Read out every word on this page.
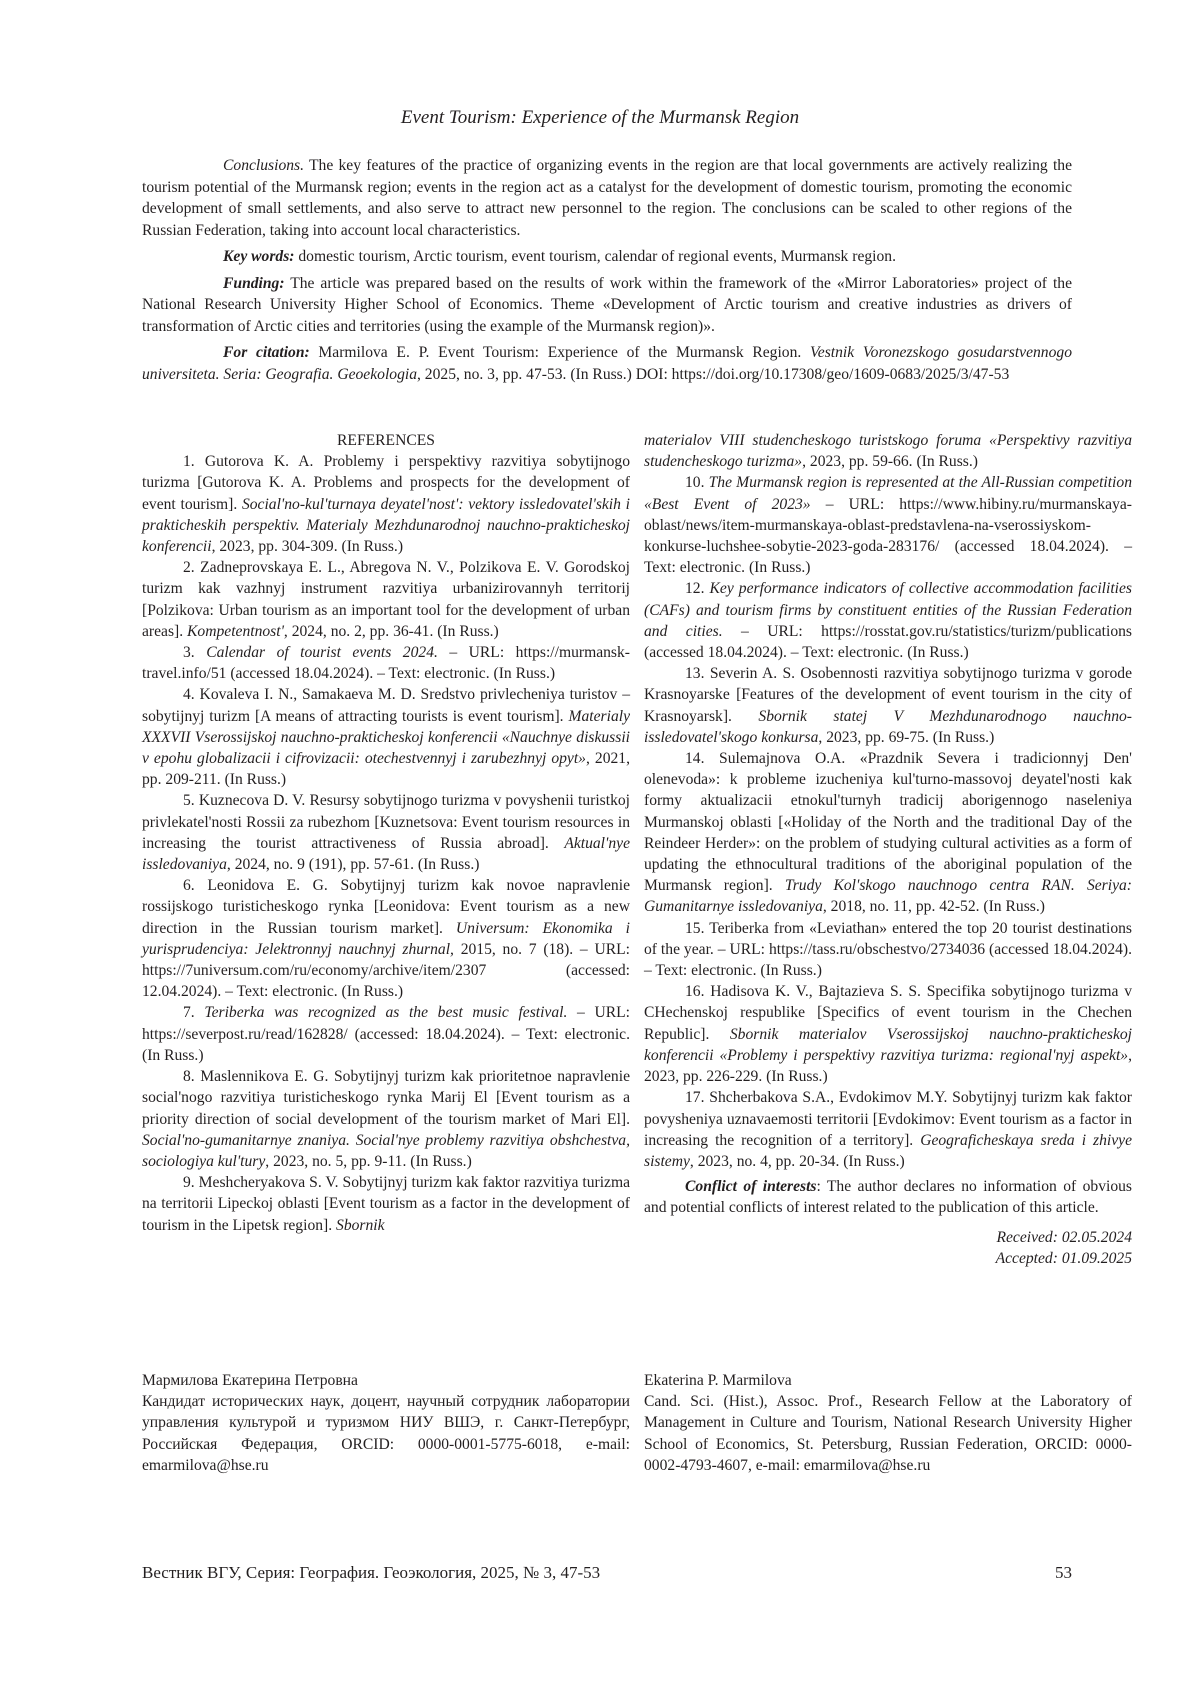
Event Tourism: Experience of the Murmansk Region

Conclusions. The key features of the practice of organizing events in the region are that local governments are actively realizing the tourism potential of the Murmansk region; events in the region act as a catalyst for the development of domestic tourism, promoting the economic development of small settlements, and also serve to attract new personnel to the region. The conclusions can be scaled to other regions of the Russian Federation, taking into account local characteristics.

Key words: domestic tourism, Arctic tourism, event tourism, calendar of regional events, Murmansk region.

Funding: The article was prepared based on the results of work within the framework of the «Mirror Laboratories» project of the National Research University Higher School of Economics. Theme «Development of Arctic tourism and creative industries as drivers of transformation of Arctic cities and territories (using the example of the Murmansk region)».

For citation: Marmilova E. P. Event Tourism: Experience of the Murmansk Region. Vestnik Voronezskogo gosudarstvennogo universiteta. Seria: Geografia. Geoekologia, 2025, no. 3, pp. 47-53. (In Russ.) DOI: https://doi.org/10.17308/geo/1609-0683/2025/3/47-53

REFERENCES

1. Gutorova K. A. Problemy i perspektivy razvitiya sobytijnogo turizma [Gutorova K. A. Problems and prospects for the development of event tourism]. Social'no-kul'turnaya deyatel'nost': vektory issledovatel'skih i prakticheskih perspektiv. Materialy Mezhdunarodnoj nauchno-prakticheskoj konferencii, 2023, pp. 304-309. (In Russ.)

2. Zadneprovskaya E. L., Abregova N. V., Polzikova E. V. Gorodskoj turizm kak vazhnyj instrument razvitiya urbanizirovannyh territorij [Polzikova: Urban tourism as an important tool for the development of urban areas]. Kompetentnost', 2024, no. 2, pp. 36-41. (In Russ.)

3. Calendar of tourist events 2024. – URL: https://murmansk-travel.info/51 (accessed 18.04.2024). – Text: electronic. (In Russ.)

4. Kovaleva I. N., Samakaeva M. D. Sredstvo privlecheniya turistov – sobytijnyj turizm [A means of attracting tourists is event tourism]. Materialy XXXVII Vserossijskoj nauchno-prakticheskoj konferencii «Nauchnye diskussii v epohu globalizacii i cifrovizacii: otechestvennyj i zarubezhnyj opyt», 2021, pp. 209-211. (In Russ.)

5. Kuznecova D. V. Resursy sobytijnogo turizma v povyshenii turistkoj privlekatel'nosti Rossii za rubezhom [Kuznetsova: Event tourism resources in increasing the tourist attractiveness of Russia abroad]. Aktual'nye issledovaniya, 2024, no. 9 (191), pp. 57-61. (In Russ.)

6. Leonidova E. G. Sobytijnyj turizm kak novoe napravlenie rossijskogo turisticheskogo rynka [Leonidova: Event tourism as a new direction in the Russian tourism market]. Universum: Ekonomika i yurisprudenciya: Jelektronnyj nauchnyj zhurnal, 2015, no. 7 (18). – URL: https://7universum.com/ru/economy/archive/item/2307 (accessed: 12.04.2024). – Text: electronic. (In Russ.)

7. Teriberka was recognized as the best music festival. – URL: https://severpost.ru/read/162828/ (accessed: 18.04.2024). – Text: electronic. (In Russ.)

8. Maslennikova E. G. Sobytijnyj turizm kak prioritetnoe napravlenie social'nogo razvitiya turisticheskogo rynka Marij El [Event tourism as a priority direction of social development of the tourism market of Mari El]. Social'no-gumanitarnye znaniya. Social'nye problemy razvitiya obshchestva, sociologiya kul'tury, 2023, no. 5, pp. 9-11. (In Russ.)

9. Meshcheryakova S. V. Sobytijnyj turizm kak faktor razvitiya turizma na territorii Lipeckoj oblasti [Event tourism as a factor in the development of tourism in the Lipetsk region]. Sbornik

materialov VIII studencheskogo turistskogo foruma «Perspektivy razvitiya studencheskogo turizma», 2023, pp. 59-66. (In Russ.)

10. The Murmansk region is represented at the All-Russian competition «Best Event of 2023» – URL: https://www.hibiny.ru/murmanskaya-oblast/news/item-murmanskaya-oblast-predstavlena-na-vserossiyskom-konkurse-luchshee-sobytie-2023-goda-283176/ (accessed 18.04.2024). – Text: electronic. (In Russ.)

12. Key performance indicators of collective accommodation facilities (CAFs) and tourism firms by constituent entities of the Russian Federation and cities. – URL: https://rosstat.gov.ru/statistics/turizm/publications (accessed 18.04.2024). – Text: electronic. (In Russ.)

13. Severin A. S. Osobennosti razvitiya sobytijnogo turizma v gorode Krasnoyarske [Features of the development of event tourism in the city of Krasnoyarsk]. Sbornik statej V Mezhdunarodnogo nauchno-issledovatel'skogo konkursa, 2023, pp. 69-75. (In Russ.)

14. Sulemajnova O.A. «Prazdnik Severa i tradicionnyj Den' olenevoda»: k probleme izucheniya kul'turno-massovoj deyatel'nosti kak formy aktualizacii etnokul'turnyh tradicij aborigennogo naseleniya Murmanskoj oblasti [«Holiday of the North and the traditional Day of the Reindeer Herder»: on the problem of studying cultural activities as a form of updating the ethnocultural traditions of the aboriginal population of the Murmansk region]. Trudy Kol'skogo nauchnogo centra RAN. Seriya: Gumanitarnye issledovaniya, 2018, no. 11, pp. 42-52. (In Russ.)

15. Teriberka from «Leviathan» entered the top 20 tourist destinations of the year. – URL: https://tass.ru/obschestvo/2734036 (accessed 18.04.2024). – Text: electronic. (In Russ.)

16. Hadisova K. V., Bajtazieva S. S. Specifika sobytijnogo turizma v CHechenskoj respublike [Specifics of event tourism in the Chechen Republic]. Sbornik materialov Vserossijskoj nauchno-prakticheskoj konferencii «Problemy i perspektivy razvitiya turizma: regional'nyj aspekt», 2023, pp. 226-229. (In Russ.)

17. Shcherbakova S.A., Evdokimov M.Y. Sobytijnyj turizm kak faktor povysheniya uznavaemosti territorii [Evdokimov: Event tourism as a factor in increasing the recognition of a territory]. Geograficheskaya sreda i zhivye sistemy, 2023, no. 4, pp. 20-34. (In Russ.)

Conflict of interests: The author declares no information of obvious and potential conflicts of interest related to the publication of this article.

Received: 02.05.2024
Accepted: 01.09.2025

Мармилова Екатерина Петровна

Кандидат исторических наук, доцент, научный сотрудник лаборатории управления культурой и туризмом НИУ ВШЭ, г. Санкт-Петербург, Российская Федерация, ORCID: 0000-0001-5775-6018, e-mail: emarmilova@hse.ru

Ekaterina P. Marmilova

Cand. Sci. (Hist.), Assoc. Prof., Research Fellow at the Laboratory of Management in Culture and Tourism, National Research University Higher School of Economics, St. Petersburg, Russian Federation, ORCID: 0000-0002-4793-4607, e-mail: emarmilova@hse.ru

Вестник ВГУ, Серия: География. Геоэкология, 2025, № 3, 47-53	53
